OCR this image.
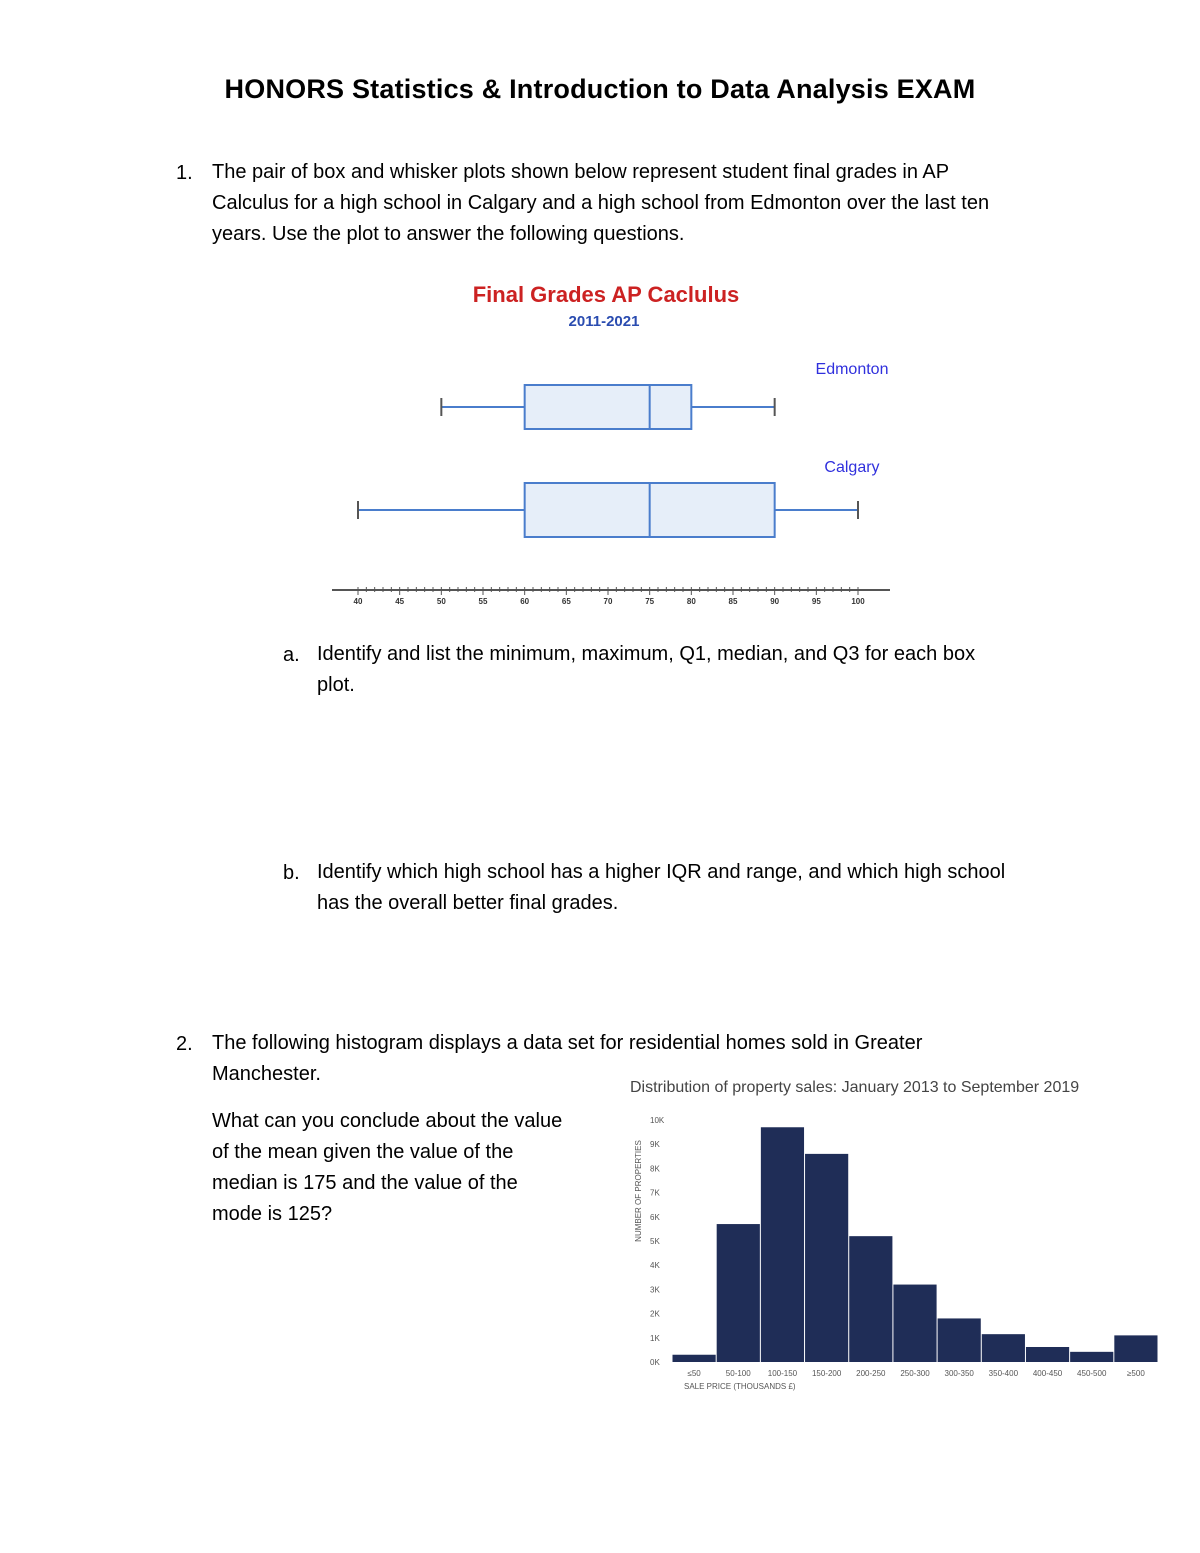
HONORS Statistics & Introduction to Data Analysis EXAM
1. The pair of box and whisker plots shown below represent student final grades in AP
Calculus for a high school in Calgary and a high school from Edmonton over the last ten
years. Use the plot to answer the following questions.
Final Grades AP Caclulus
2011-2021
Edmonton
Calgary
40	45	50	55	60	65	70	75	80	85	90	95	100
a. Identify and list the minimum, maximum, Q1, median, and Q3 for each box
plot.
b. Identify which high school has a higher IQR and range, and which high school
has the overall better final grades.
2. The following histogram displays a data set for residential homes sold in Greater
Manchester.
What can you conclude about the value
of the mean given the value of the
median is 175 and the value of the
mode is 125?
Distribution of property sales: January 2013 to September 2019
0K
1K
2K
3K
4K
5K
6K
7K
8K
9K
10K
NUMBER OF PROPERTIES
≤50	50-100 100-150 150-200 200-250 250-300 300-350 350-400 400-450 450-500	≥500
SALE PRICE (THOUSANDS £)
